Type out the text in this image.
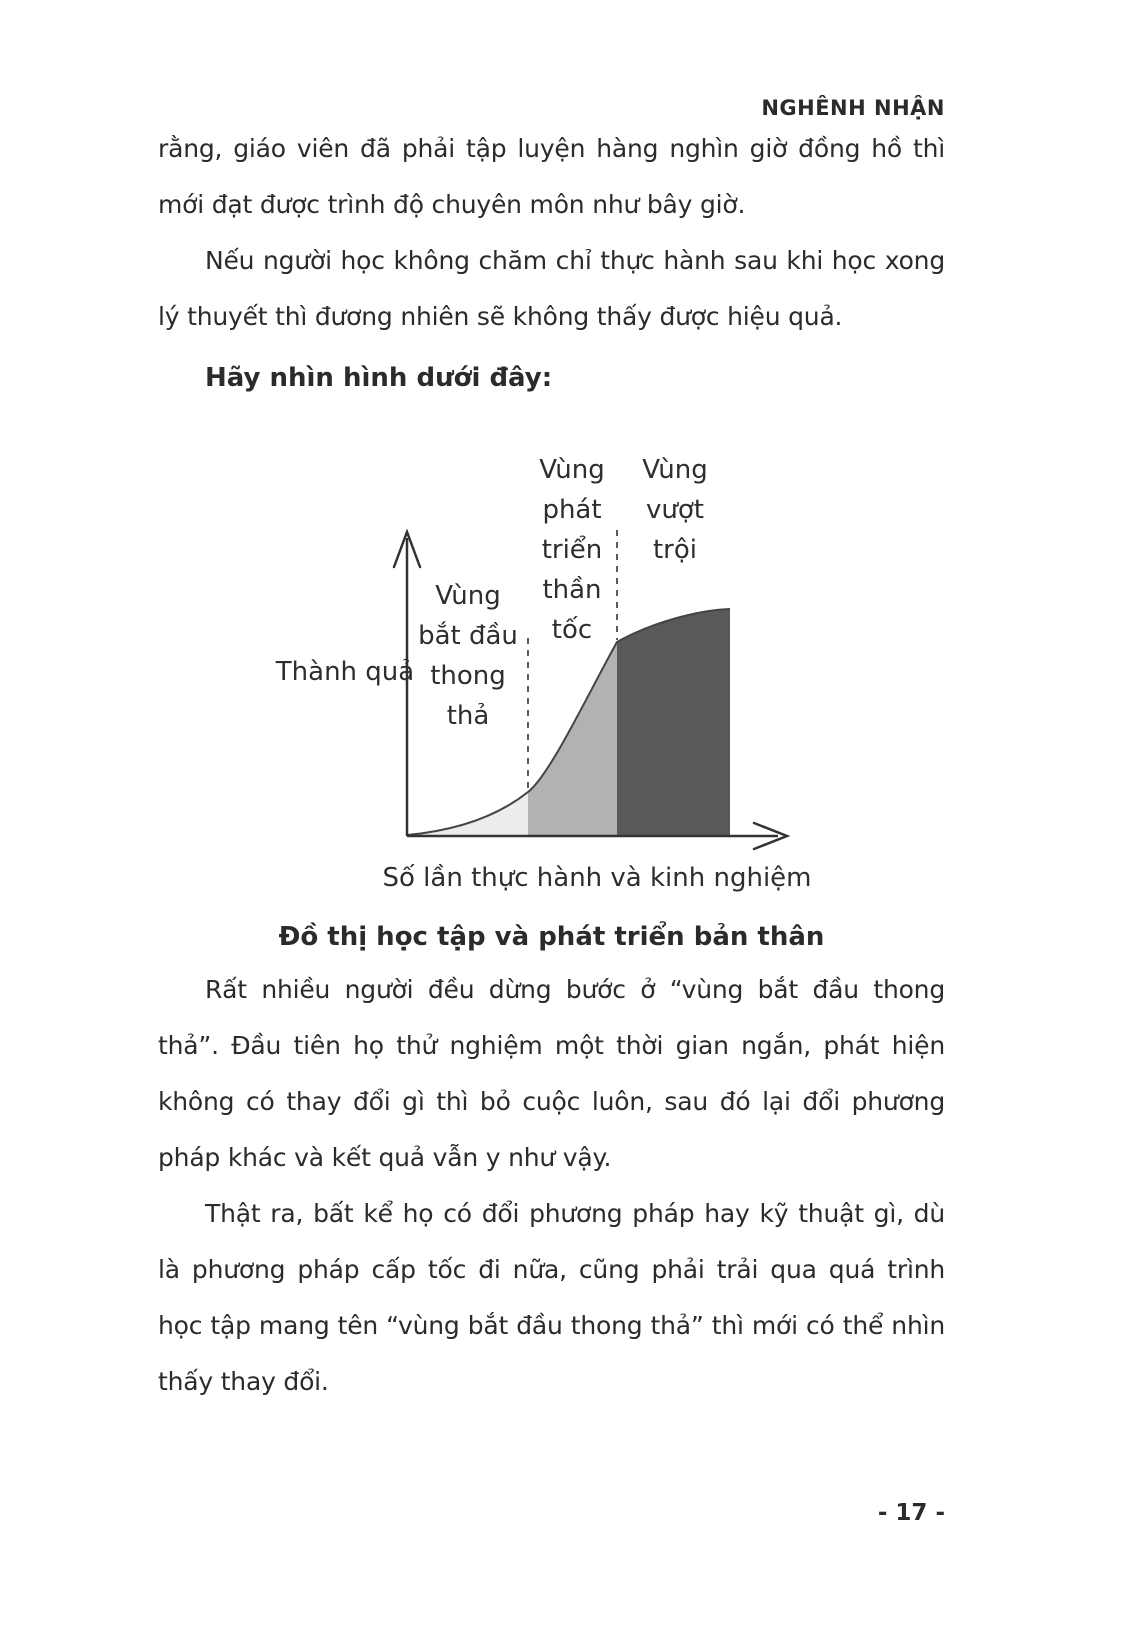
NGHÊNH NHẬN

rằng, giáo viên đã phải tập luyện hàng nghìn giờ đồng hồ thì mới đạt được trình độ chuyên môn như bây giờ.

Nếu người học không chăm chỉ thực hành sau khi học xong lý thuyết thì đương nhiên sẽ không thấy được hiệu quả.

Hãy nhìn hình dưới đây:
Thành quả
Vùng bắt đầu thong thả
Vùng phát triển thần tốc
Vùng vượt trội
Số lần thực hành và kinh nghiệm
Đồ thị học tập và phát triển bản thân

Rất nhiều người đều dừng bước ở “vùng bắt đầu thong thả”. Đầu tiên họ thử nghiệm một thời gian ngắn, phát hiện không có thay đổi gì thì bỏ cuộc luôn, sau đó lại đổi phương pháp khác và kết quả vẫn y như vậy.

Thật ra, bất kể họ có đổi phương pháp hay kỹ thuật gì, dù là phương pháp cấp tốc đi nữa, cũng phải trải qua quá trình học tập mang tên “vùng bắt đầu thong thả” thì mới có thể nhìn thấy thay đổi.

- 17 -
